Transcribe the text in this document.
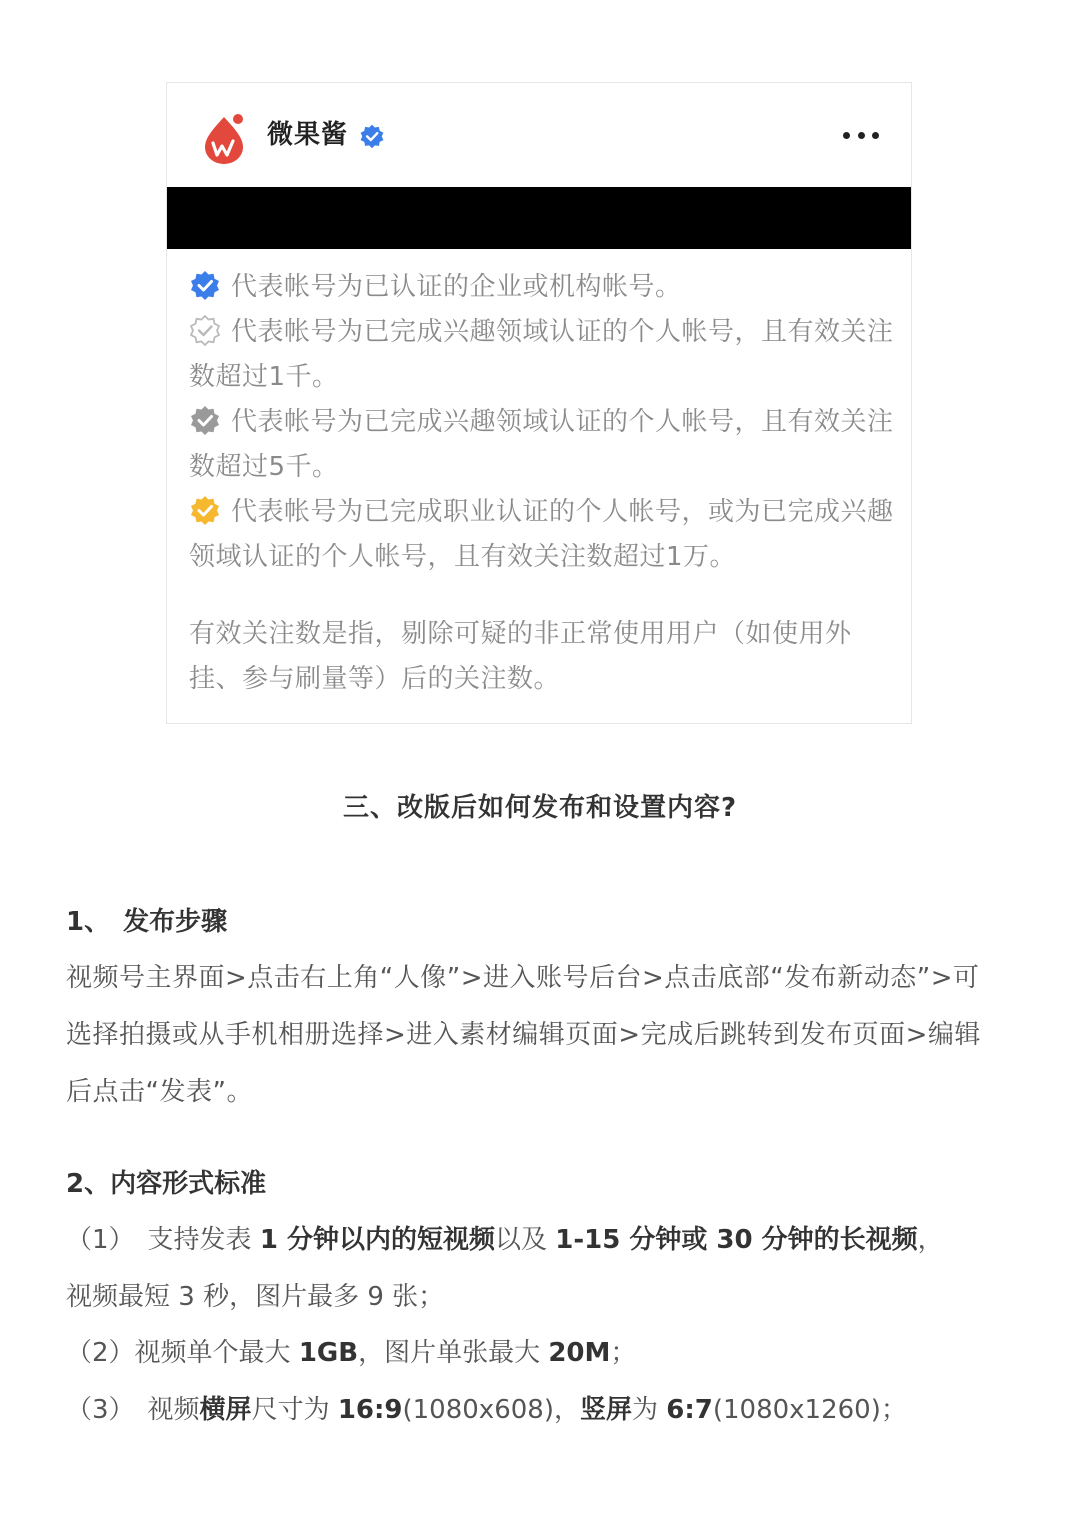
微果酱
代表帐号为已认证的企业或机构帐号。
代表帐号为已完成兴趣领域认证的个人帐号，且有效关注数超过1千。
代表帐号为已完成兴趣领域认证的个人帐号，且有效关注数超过5千。
代表帐号为已完成职业认证的个人帐号，或为已完成兴趣领域认证的个人帐号，且有效关注数超过1万。
有效关注数是指，剔除可疑的非正常使用用户（如使用外挂、参与刷量等）后的关注数。
三、改版后如何发布和设置内容?
1、　发布步骤
视频号主界面>点击右上角“人像”>进入账号后台>点击底部“发布新动态”>可选择拍摄或从手机相册选择>进入素材编辑页面>完成后跳转到发布页面>编辑后点击“发表”。
2、内容形式标准
（1）　支持发表 1 分钟以内的短视频以及 1-15 分钟或 30 分钟的长视频，
视频最短 3 秒，图片最多 9 张；
（2）视频单个最大 1GB，图片单张最大 20M；
（3）　视频横屏尺寸为 16:9(1080x608)，竖屏为 6:7(1080x1260)；
